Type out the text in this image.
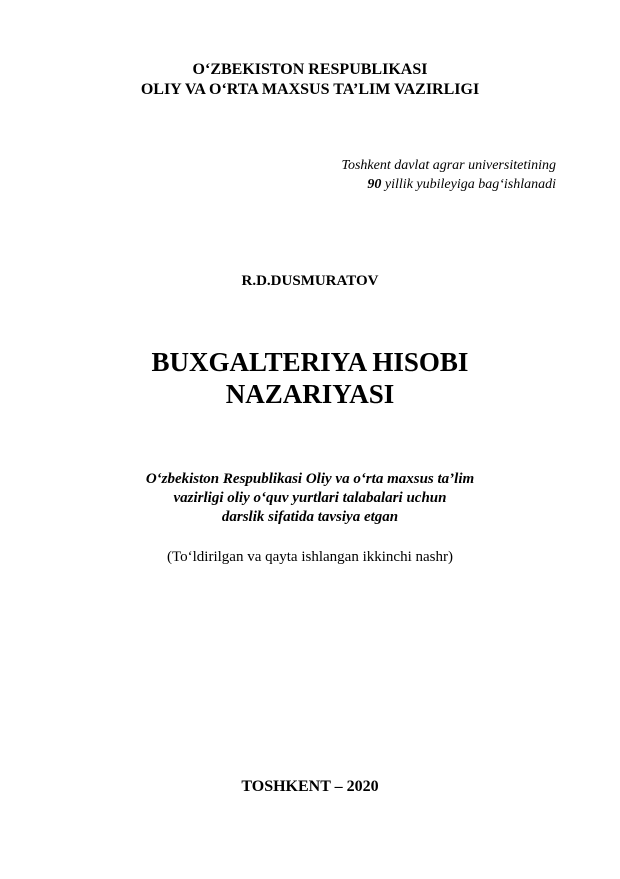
O‘ZBEKISTON RESPUBLIKASI
OLIY VA O‘RTA MAXSUS TA’LIM VAZIRLIGI
Toshkent davlat agrar universitetining
90 yillik yubileyiga bag‘ishlanadi
R.D.DUSMURATOV
BUXGALTERIYA HISOBI
NAZARIYASI
O‘zbekiston Respublikasi Oliy va o‘rta maxsus ta’lim
vazirligi oliy o‘quv yurtlari talabalari uchun
darslik sifatida tavsiya etgan
(To‘ldirilgan va qayta ishlangan ikkinchi nashr)
TOSHKENT – 2020
